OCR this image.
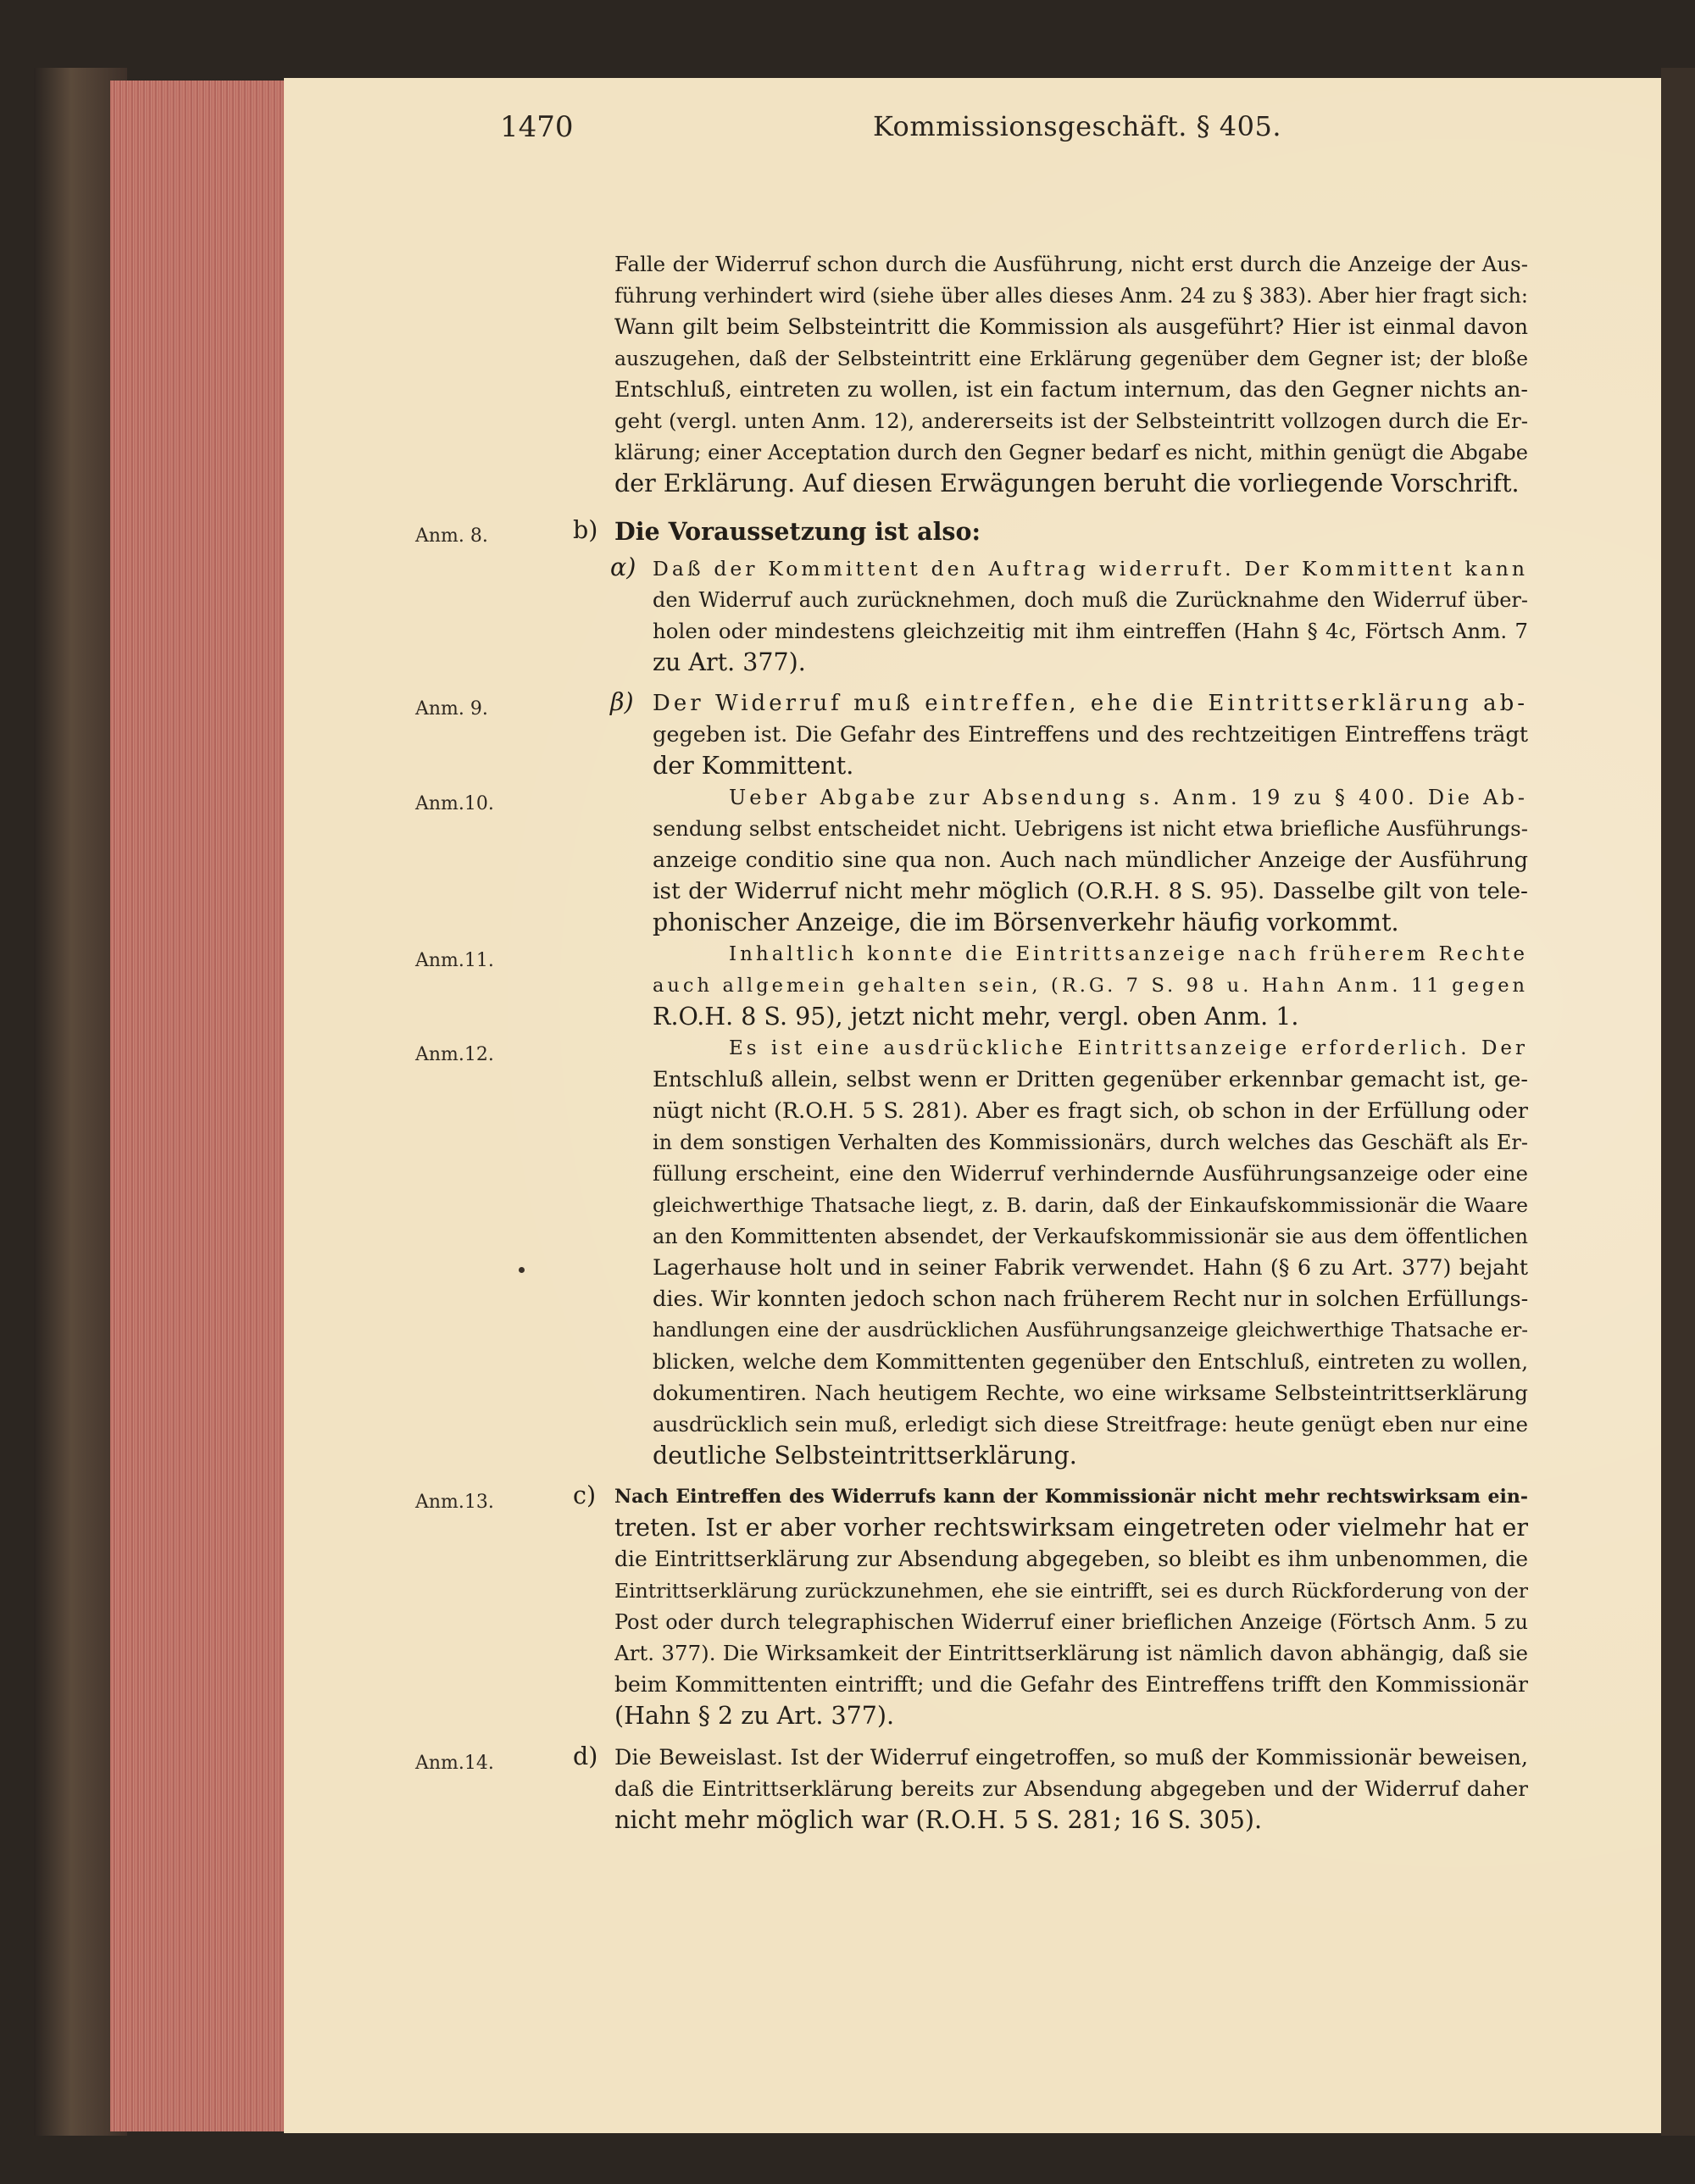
1470	Kommissionsgeschäft. § 405.
Falle der Widerruf schon durch die Ausführung, nicht erst durch die Anzeige der Aus-
führung verhindert wird (siehe über alles dieses Anm. 24 zu § 383). Aber hier fragt sich:
Wann gilt beim Selbsteintritt die Kommission als ausgeführt? Hier ist einmal davon
auszugehen, daß der Selbsteintritt eine Erklärung gegenüber dem Gegner ist; der bloße
Entschluß, eintreten zu wollen, ist ein factum internum, das den Gegner nichts an-
geht (vergl. unten Anm. 12), andererseits ist der Selbsteintritt vollzogen durch die Er-
klärung; einer Acceptation durch den Gegner bedarf es nicht, mithin genügt die Abgabe
der Erklärung. Auf diesen Erwägungen beruht die vorliegende Vorschrift.
Anm. 8.	b) Die Voraussetzung ist also:
α) Daß der Kommittent den Auftrag widerruft. Der Kommittent kann
den Widerruf auch zurücknehmen, doch muß die Zurücknahme den Widerruf über-
holen oder mindestens gleichzeitig mit ihm eintreffen (Hahn § 4c, Förtsch Anm. 7
zu Art. 377).
Anm. 9.	β) Der Widerruf muß eintreffen, ehe die Eintrittserklärung ab-
gegeben ist. Die Gefahr des Eintreffens und des rechtzeitigen Eintreffens trägt
der Kommittent.
Anm.10.	Ueber Abgabe zur Absendung s. Anm. 19 zu § 400. Die Ab-
sendung selbst entscheidet nicht. Uebrigens ist nicht etwa briefliche Ausführungs-
anzeige conditio sine qua non. Auch nach mündlicher Anzeige der Ausführung
ist der Widerruf nicht mehr möglich (O.R.H. 8 S. 95). Dasselbe gilt von tele-
phonischer Anzeige, die im Börsenverkehr häufig vorkommt.
Anm.11.	Inhaltlich konnte die Eintrittsanzeige nach früherem Rechte
auch allgemein gehalten sein, (R.G. 7 S. 98 u. Hahn Anm. 11 gegen
R.O.H. 8 S. 95), jetzt nicht mehr, vergl. oben Anm. 1.
Anm.12.	Es ist eine ausdrückliche Eintrittsanzeige erforderlich. Der
Entschluß allein, selbst wenn er Dritten gegenüber erkennbar gemacht ist, ge-
nügt nicht (R.O.H. 5 S. 281). Aber es fragt sich, ob schon in der Erfüllung oder
in dem sonstigen Verhalten des Kommissionärs, durch welches das Geschäft als Er-
füllung erscheint, eine den Widerruf verhindernde Ausführungsanzeige oder eine
gleichwerthige Thatsache liegt, z. B. darin, daß der Einkaufskommissionär die Waare
an den Kommittenten absendet, der Verkaufskommissionär sie aus dem öffentlichen
Lagerhause holt und in seiner Fabrik verwendet. Hahn (§ 6 zu Art. 377) bejaht
dies. Wir konnten jedoch schon nach früherem Recht nur in solchen Erfüllungs-
handlungen eine der ausdrücklichen Ausführungsanzeige gleichwerthige Thatsache er-
blicken, welche dem Kommittenten gegenüber den Entschluß, eintreten zu wollen,
dokumentiren. Nach heutigem Rechte, wo eine wirksame Selbsteintrittserklärung
ausdrücklich sein muß, erledigt sich diese Streitfrage: heute genügt eben nur eine
deutliche Selbsteintrittserklärung.
Anm.13.	c) Nach Eintreffen des Widerrufs kann der Kommissionär nicht mehr rechtswirksam ein-
treten. Ist er aber vorher rechtswirksam eingetreten oder vielmehr hat er
die Eintrittserklärung zur Absendung abgegeben, so bleibt es ihm unbenommen, die
Eintrittserklärung zurückzunehmen, ehe sie eintrifft, sei es durch Rückforderung von der
Post oder durch telegraphischen Widerruf einer brieflichen Anzeige (Förtsch Anm. 5 zu
Art. 377). Die Wirksamkeit der Eintrittserklärung ist nämlich davon abhängig, daß sie
beim Kommittenten eintrifft; und die Gefahr des Eintreffens trifft den Kommissionär
(Hahn § 2 zu Art. 377).
Anm.14.	d) Die Beweislast. Ist der Widerruf eingetroffen, so muß der Kommissionär beweisen,
daß die Eintrittserklärung bereits zur Absendung abgegeben und der Widerruf daher
nicht mehr möglich war (R.O.H. 5 S. 281; 16 S. 305).
